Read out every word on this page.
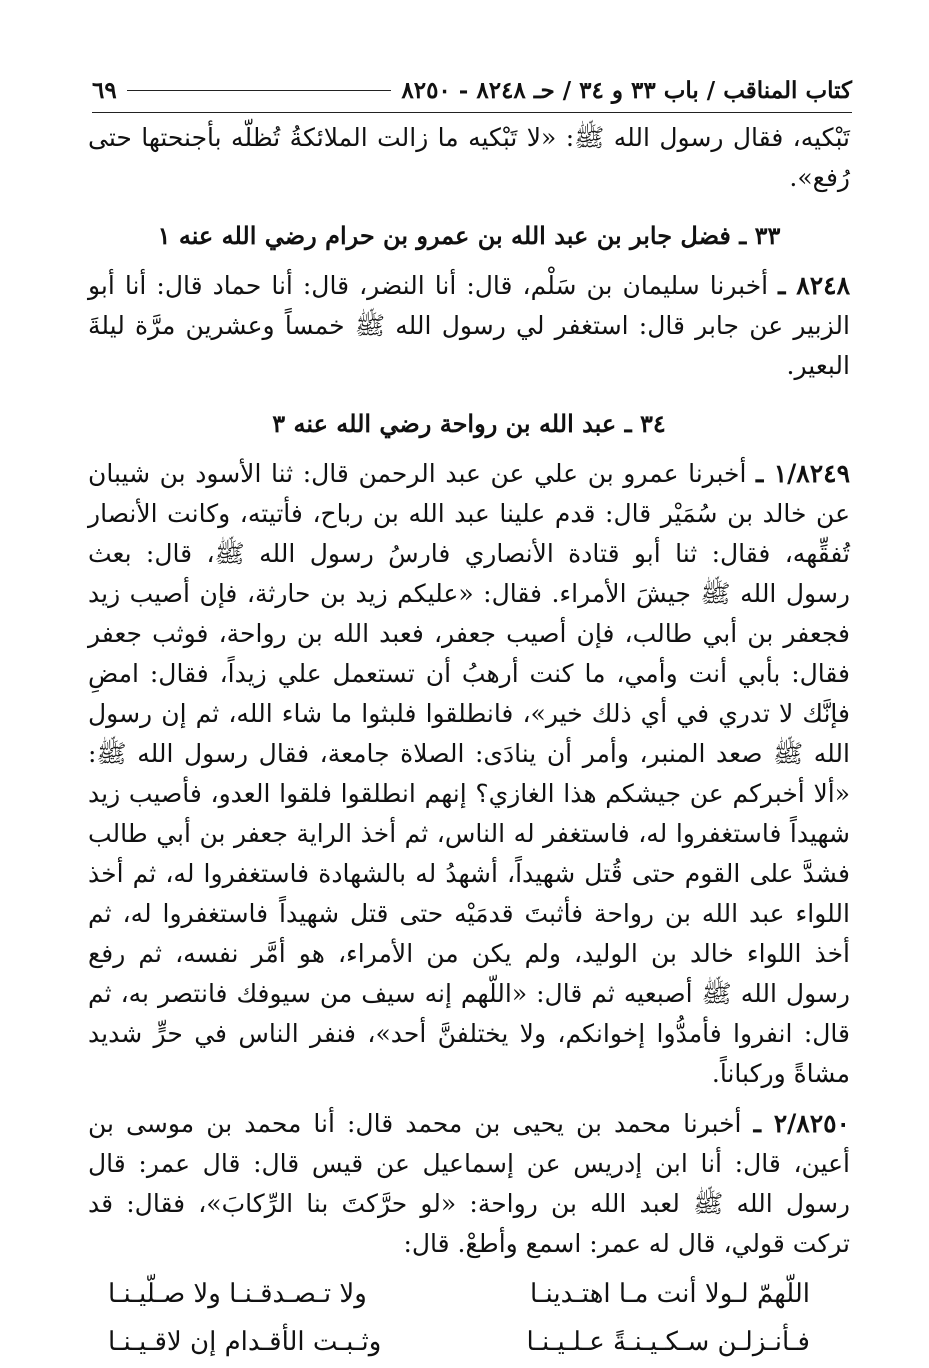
كتاب المناقب / باب ٣٣ و ٣٤ / حـ ٨٢٤٨ - ٨٢٥٠
٦٩

تَبْكيه، فقال رسول الله ﷺ: «لا تَبْكيه ما زالت الملائكةُ تُظلّه بأجنحتها حتى رُفع».

٣٣ ـ فضل جابر بن عبد الله بن عمرو بن حرام رضي الله عنه ١

٨٢٤٨ ـ أخبرنا سليمان بن سَلْم، قال: أنا النضر، قال: أنا حماد قال: أنا أبو الزبير عن جابر قال: استغفر لي رسول الله ﷺ خمساً وعشرين مرَّة ليلةَ البعير.

٣٤ ـ عبد الله بن رواحة رضي الله عنه ٣

١/٨٢٤٩ ـ أخبرنا عمرو بن علي عن عبد الرحمن قال: ثنا الأسود بن شيبان عن خالد بن سُمَيْر قال: قدم علينا عبد الله بن رباح، فأتيته، وكانت الأنصار تُفقِّهه، فقال: ثنا أبو قتادة الأنصاري فارسُ رسول الله ﷺ، قال: بعث رسول الله ﷺ جيشَ الأمراء. فقال: «عليكم زيد بن حارثة، فإن أصيب زيد فجعفر بن أبي طالب، فإن أصيب جعفر، فعبد الله بن رواحة، فوثب جعفر فقال: بأبي أنت وأمي، ما كنت أرهبُ أن تستعمل علي زيداً، فقال: امضِ فإنَّك لا تدري في أي ذلك خير»، فانطلقوا فلبثوا ما شاء الله، ثم إن رسول الله ﷺ صعد المنبر، وأمر أن ينادَى: الصلاة جامعة، فقال رسول الله ﷺ: «ألا أخبركم عن جيشكم هذا الغازي؟ إنهم انطلقوا فلقوا العدو، فأصيب زيد شهيداً فاستغفروا له، فاستغفر له الناس، ثم أخذ الراية جعفر بن أبي طالب فشدَّ على القوم حتى قُتل شهيداً، أشهدُ له بالشهادة فاستغفروا له، ثم أخذ اللواء عبد الله بن رواحة فأثبتَ قدمَيْه حتى قتل شهيداً فاستغفروا له، ثم أخذ اللواء خالد بن الوليد، ولم يكن من الأمراء، هو أمَّر نفسه، ثم رفع رسول الله ﷺ أصبعيه ثم قال: «اللّهم إنه سيف من سيوفك فانتصر به، ثم قال: انفروا فأمدُّوا إخوانكم، ولا يختلفنَّ أحد»، فنفر الناس في حرٍّ شديد مشاةً وركباناً.

٢/٨٢٥٠ ـ أخبرنا محمد بن يحيى بن محمد قال: أنا محمد بن موسى بن أعين، قال: أنا ابن إدريس عن إسماعيل عن قيس قال: قال عمر: قال رسول الله ﷺ لعبد الله بن رواحة: «لو حرَّكتَ بنا الرِّكابَ»، فقال: قد تركت قولي، قال له عمر: اسمع وأطعْ. قال:

اللّهمّ لـولا أنت مـا اهتـدينـا
ولا تـصـدقـنـا ولا صـلّيـنـا
فـأنـزلـن سـكـيـنـةً عـلـيـنـا
وثـبـت الأقـدام إن لاقـيـنـا
